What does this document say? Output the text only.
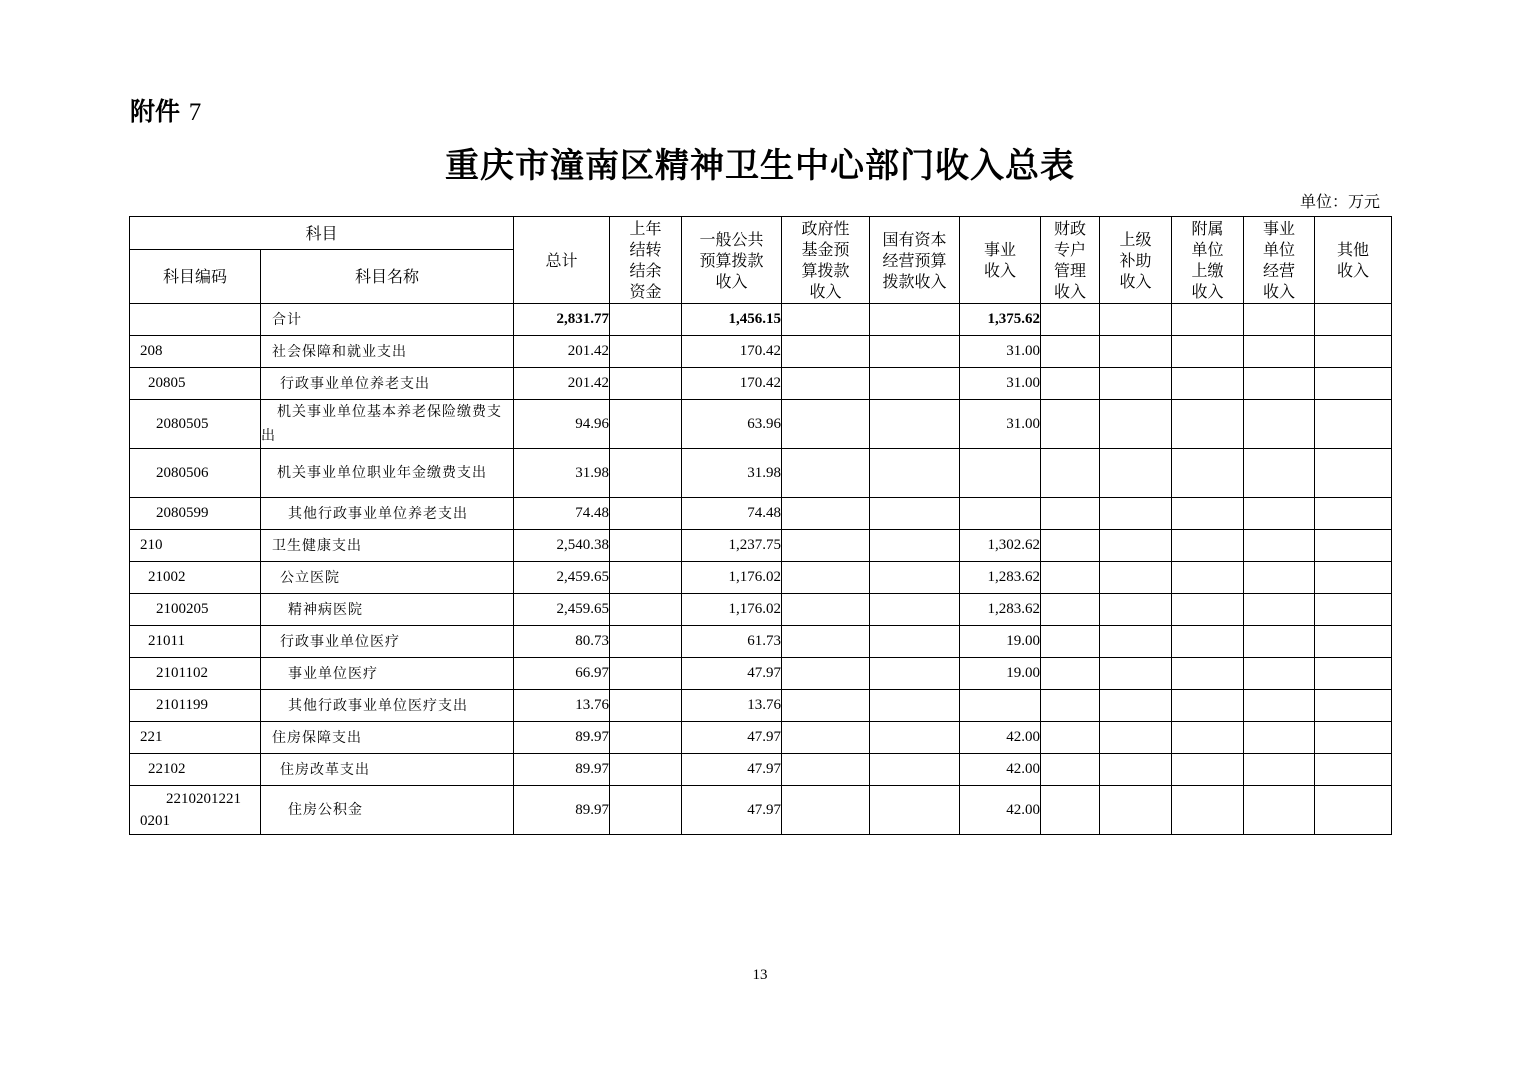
附件 7
重庆市潼南区精神卫生中心部门收入总表
单位：万元
科目		总计	上年
结转
结余
资金	一般公共
预算拨款
收入	政府性
基金预
算拨款
收入	国有资本
经营预算
拨款收入	事业
收入	财政
专户
管理
收入	上级
补助
收入	附属
单位
上缴
收入	事业
单位
经营
收入	其他
收入
科目编码	科目名称											
	合计	2,831.77		1,456.15			1,375.62					
208	社会保障和就业支出	201.42		170.42			31.00					
20805	行政事业单位养老支出	201.42		170.42			31.00					
2080505	机关事业单位基本养老保险缴费支出	94.96		63.96			31.00					
2080506	机关事业单位职业年金缴费支出	31.98		31.98								
2080599	其他行政事业单位养老支出	74.48		74.48								
210	卫生健康支出	2,540.38		1,237.75			1,302.62					
21002	公立医院	2,459.65		1,176.02			1,283.62					
2100205	精神病医院	2,459.65		1,176.02			1,283.62					
21011	行政事业单位医疗	80.73		61.73			19.00					
2101102	事业单位医疗	66.97		47.97			19.00					
2101199	其他行政事业单位医疗支出	13.76		13.76								
221	住房保障支出	89.97		47.97			42.00					
22102	住房改革支出	89.97		47.97			42.00					

22102012210201	住房公积金	89.97		47.97			42.00					
13
